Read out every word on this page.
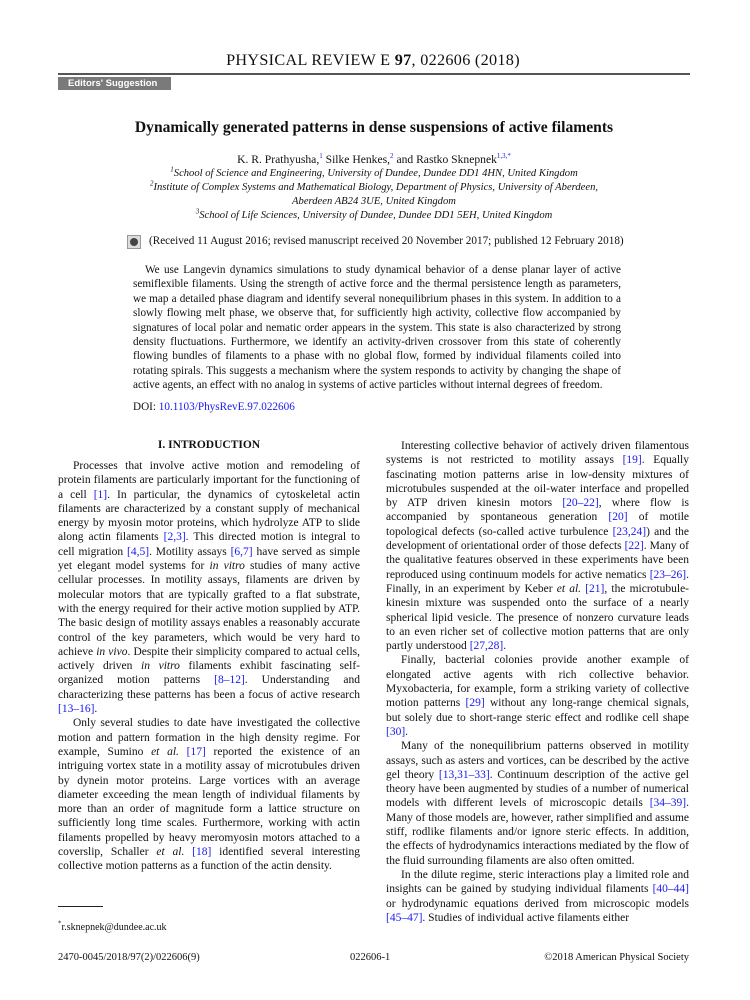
PHYSICAL REVIEW E 97, 022606 (2018)
Editors' Suggestion
Dynamically generated patterns in dense suspensions of active filaments
K. R. Prathyusha,$^1$ Silke Henkes,$^2$ and Rastko Sknepnek$^{1,3,*}$
$^1$School of Science and Engineering, University of Dundee, Dundee DD1 4HN, United Kingdom
$^2$Institute of Complex Systems and Mathematical Biology, Department of Physics, University of Aberdeen,
Aberdeen AB24 3UE, United Kingdom
$^3$School of Life Sciences, University of Dundee, Dundee DD1 5EH, United Kingdom
(Received 11 August 2016; revised manuscript received 20 November 2017; published 12 February 2018)
We use Langevin dynamics simulations to study dynamical behavior of a dense planar layer of active semiflexible filaments. Using the strength of active force and the thermal persistence length as parameters, we map a detailed phase diagram and identify several nonequilibrium phases in this system. In addition to a slowly flowing melt phase, we observe that, for sufficiently high activity, collective flow accompanied by signatures of local polar and nematic order appears in the system. This state is also characterized by strong density fluctuations. Furthermore, we identify an activity-driven crossover from this state of coherently flowing bundles of filaments to a phase with no global flow, formed by individual filaments coiled into rotating spirals. This suggests a mechanism where the system responds to activity by changing the shape of active agents, an effect with no analog in systems of active particles without internal degrees of freedom.
DOI: 10.1103/PhysRevE.97.022606
I. INTRODUCTION

Processes that involve active motion and remodeling of protein filaments are particularly important for the functioning of a cell [1]. In particular, the dynamics of cytoskeletal actin filaments are characterized by a constant supply of mechanical energy by myosin motor proteins, which hydrolyze ATP to slide along actin filaments [2,3]. This directed motion is integral to cell migration [4,5]. Motility assays [6,7] have served as simple yet elegant model systems for in vitro studies of many active cellular processes. In motility assays, filaments are driven by molecular motors that are typically grafted to a flat substrate, with the energy required for their active motion supplied by ATP. The basic design of motility assays enables a reasonably accurate control of the key parameters, which would be very hard to achieve in vivo. Despite their simplicity compared to actual cells, actively driven in vitro filaments exhibit fascinating self-organized motion patterns [8–12]. Understanding and characterizing these patterns has been a focus of active research [13–16].

Only several studies to date have investigated the collective motion and pattern formation in the high density regime. For example, Sumino et al. [17] reported the existence of an intriguing vortex state in a motility assay of microtubules driven by dynein motor proteins. Large vortices with an average diameter exceeding the mean length of individual filaments by more than an order of magnitude form a lattice structure on sufficiently long time scales. Furthermore, working with actin filaments propelled by heavy meromyosin motors attached to a coverslip, Schaller et al. [18] identified several interesting collective motion patterns as a function of the actin density.

Interesting collective behavior of actively driven filamentous systems is not restricted to motility assays [19]. Equally fascinating motion patterns arise in low-density mixtures of microtubules suspended at the oil-water interface and propelled by ATP driven kinesin motors [20–22], where flow is accompanied by spontaneous generation [20] of motile topological defects (so-called active turbulence [23,24]) and the development of orientational order of those defects [22]. Many of the qualitative features observed in these experiments have been reproduced using continuum models for active nematics [23–26]. Finally, in an experiment by Keber et al. [21], the microtubule-kinesin mixture was suspended onto the surface of a nearly spherical lipid vesicle. The presence of nonzero curvature leads to an even richer set of collective motion patterns that are only partly understood [27,28].

Finally, bacterial colonies provide another example of elongated active agents with rich collective behavior. Myxobacteria, for example, form a striking variety of collective motion patterns [29] without any long-range chemical signals, but solely due to short-range steric effect and rodlike cell shape [30].

Many of the nonequilibrium patterns observed in motility assays, such as asters and vortices, can be described by the active gel theory [13,31–33]. Continuum description of the active gel theory have been augmented by studies of a number of numerical models with different levels of microscopic details [34–39]. Many of those models are, however, rather simplified and assume stiff, rodlike filaments and/or ignore steric effects. In addition, the effects of hydrodynamics interactions mediated by the flow of the fluid surrounding filaments are also often omitted.

In the dilute regime, steric interactions play a limited role and insights can be gained by studying individual filaments [40–44] or hydrodynamic equations derived from microscopic models [45–47]. Studies of individual active filaments either

*r.sknepnek@dundee.ac.uk
2470-0045/2018/97(2)/022606(9)	022606-1	©2018 American Physical Society
